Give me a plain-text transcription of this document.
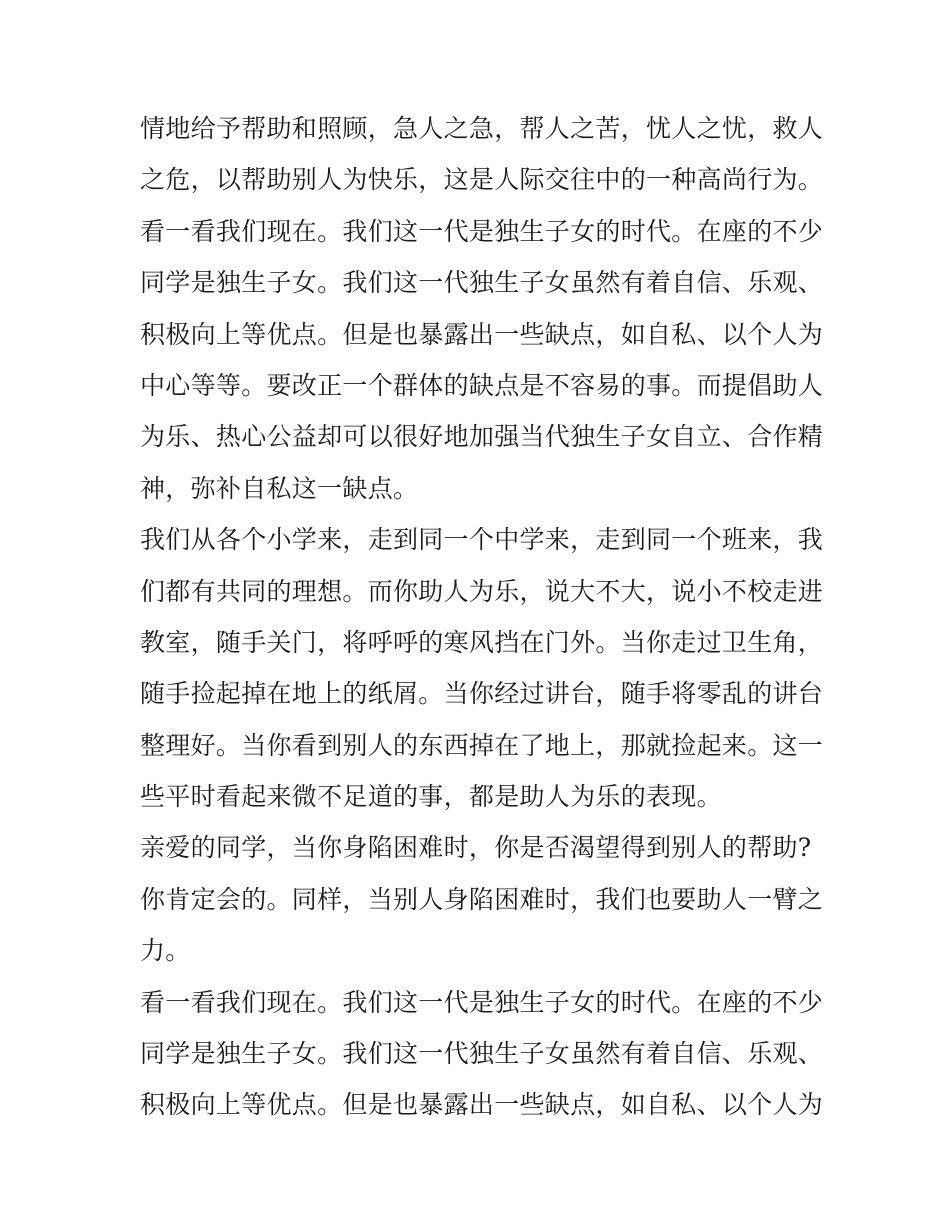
情地给予帮助和照顾，急人之急，帮人之苦，忧人之忧，救人
之危，以帮助别人为快乐，这是人际交往中的一种高尚行为。
看一看我们现在。我们这一代是独生子女的时代。在座的不少
同学是独生子女。我们这一代独生子女虽然有着自信、乐观、
积极向上等优点。但是也暴露出一些缺点，如自私、以个人为
中心等等。要改正一个群体的缺点是不容易的事。而提倡助人
为乐、热心公益却可以很好地加强当代独生子女自立、合作精
神，弥补自私这一缺点。
我们从各个小学来，走到同一个中学来，走到同一个班来，我
们都有共同的理想。而你助人为乐，说大不大，说小不校走进
教室，随手关门，将呼呼的寒风挡在门外。当你走过卫生角，
随手捡起掉在地上的纸屑。当你经过讲台，随手将零乱的讲台
整理好。当你看到别人的东西掉在了地上，那就捡起来。这一
些平时看起来微不足道的事，都是助人为乐的表现。
亲爱的同学，当你身陷困难时，你是否渴望得到别人的帮助?
你肯定会的。同样，当别人身陷困难时，我们也要助人一臂之
力。
看一看我们现在。我们这一代是独生子女的时代。在座的不少
同学是独生子女。我们这一代独生子女虽然有着自信、乐观、
积极向上等优点。但是也暴露出一些缺点，如自私、以个人为
